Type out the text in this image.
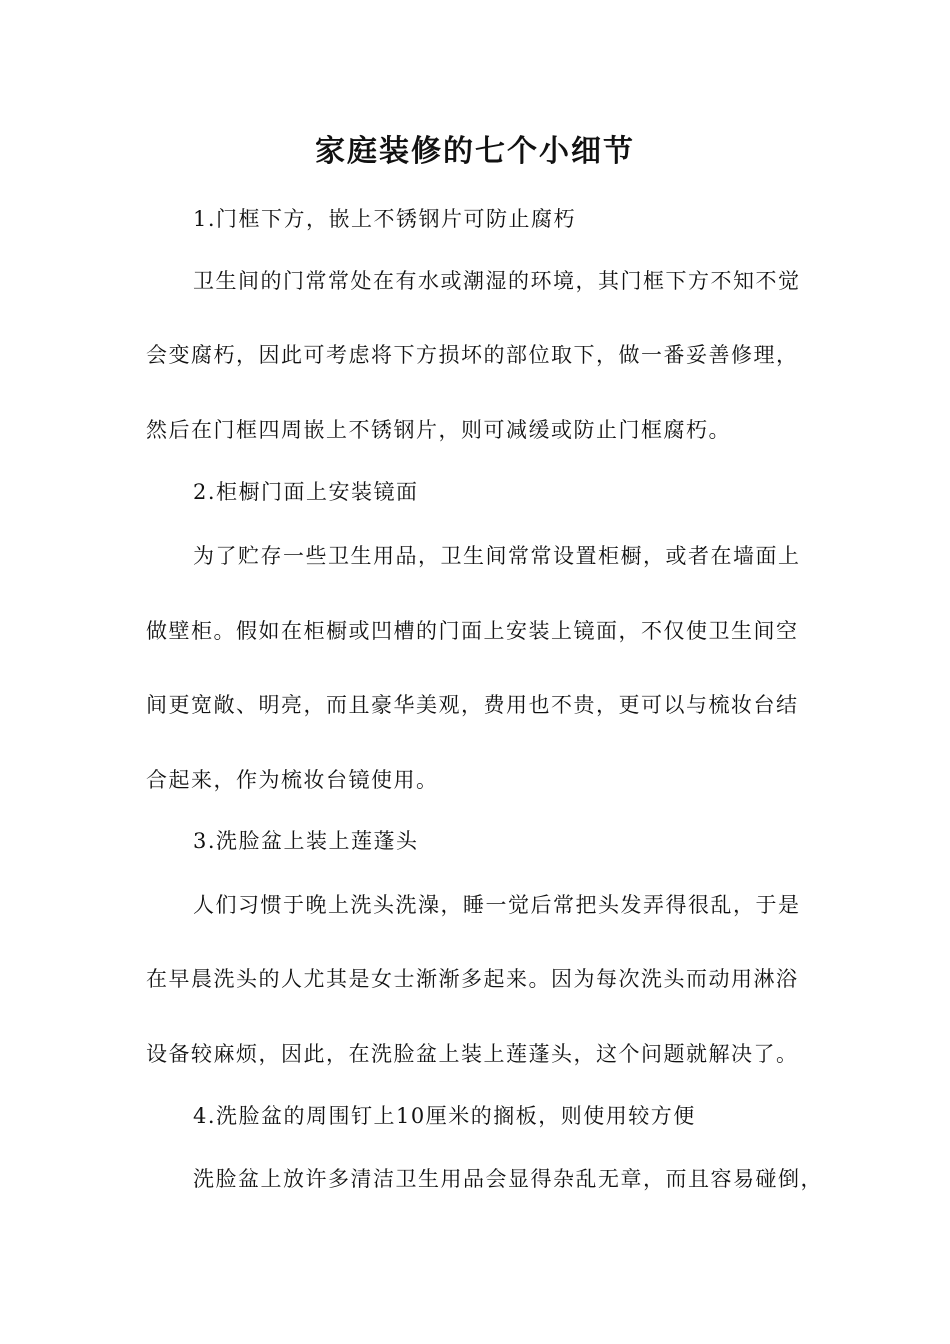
家庭装修的七个小细节

1.门框下方，嵌上不锈钢片可防止腐朽

卫生间的门常常处在有水或潮湿的环境，其门框下方不知不觉

会变腐朽，因此可考虑将下方损坏的部位取下，做一番妥善修理，

然后在门框四周嵌上不锈钢片，则可减缓或防止门框腐朽。

2.柜橱门面上安装镜面

为了贮存一些卫生用品，卫生间常常设置柜橱，或者在墙面上

做壁柜。假如在柜橱或凹槽的门面上安装上镜面，不仅使卫生间空

间更宽敞、明亮，而且豪华美观，费用也不贵，更可以与梳妆台结

合起来，作为梳妆台镜使用。

3.洗脸盆上装上莲蓬头

人们习惯于晚上洗头洗澡，睡一觉后常把头发弄得很乱，于是

在早晨洗头的人尤其是女士渐渐多起来。因为每次洗头而动用淋浴

设备较麻烦，因此，在洗脸盆上装上莲蓬头，这个问题就解决了。

4.洗脸盆的周围钉上10厘米的搁板，则使用较方便

洗脸盆上放许多清洁卫生用品会显得杂乱无章，而且容易碰倒，
